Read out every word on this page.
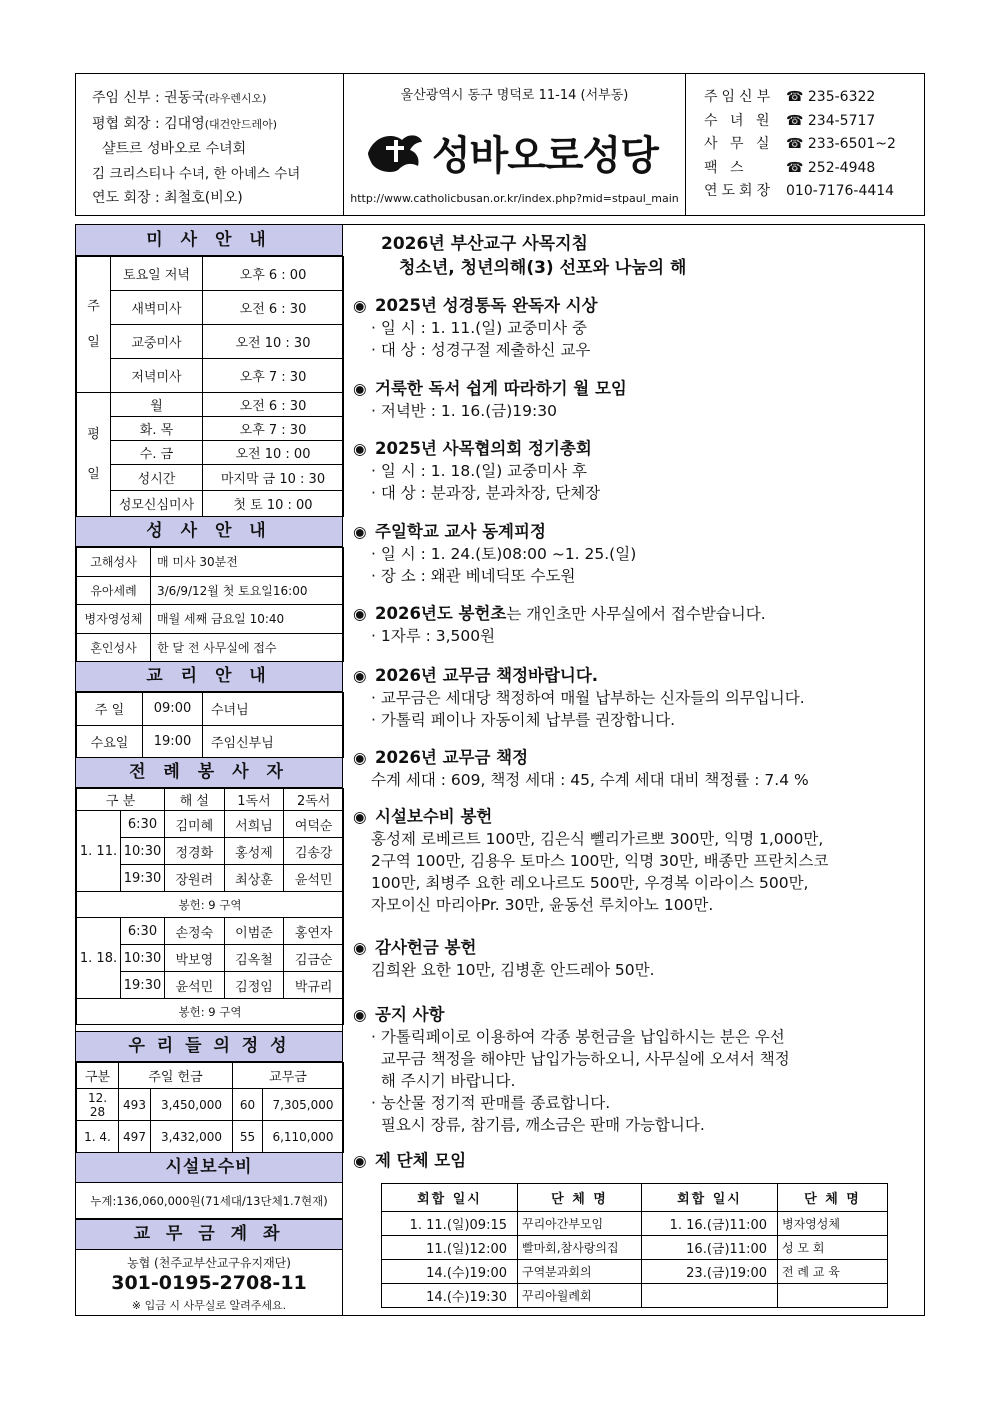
주임 신부 : 권동국(라우렌시오)
평협 회장 : 김대영(대건안드레아)
샬트르 성바오로 수녀회
김 크리스티나 수녀, 한 아녜스 수녀
연도 회장 : 최철호(비오)
울산광역시 동구 명덕로 11-14 (서부동)
성바오로성당
http://www.catholicbusan.or.kr/index.php?mid=stpaul_main
주임신부 ☎ 235-6322
수 녀 원 ☎ 234-5717
사 무 실 ☎ 233-6501~2
팩 스	☎ 252-4948
연도회장 010-7176-4414
미 사 안 내
주
일	토요일 저녁	오후 6 : 00
	새벽미사	오전 6 : 30
	교중미사	오전 10 : 30
	저녁미사	오후 7 : 30

평
일	월	오전 6 : 30
	화. 목	오후 7 : 30
	수. 금	오전 10 : 00
	성시간	마지막 금 10 : 30
	성모신심미사	첫 토 10 : 00
성 사 안 내
고해성사	매 미사 30분전
유아세례	3/6/9/12월 첫 토요일16:00
병자영성체	매월 세째 금요일 10:40
혼인성사	한 달 전 사무실에 접수
교 리 안 내
주 일	09:00	수녀님
수요일	19:00	주임신부님
전 례 봉 사 자
구 분		해 설	1독서	2독서
1. 11.	6:30	김미혜	서희님	여덕순
	10:30	정경화	홍성제	김송강
	19:30	장원려	최상훈	윤석민
봉헌: 9 구역				
1. 18.	6:30	손정숙	이범준	홍연자
	10:30	박보영	김옥철	김금순
	19:30	윤석민	김정임	박규리
봉헌: 9 구역				
우 리 들 의 정 성
구분	주일 헌금		교무금	
12. 28	493	3,450,000	60	7,305,000
1. 4.	497	3,432,000	55	6,110,000
시설보수비
누계:136,060,000원(71세대/13단체1.7현재)
교 무 금 계 좌
농협 (천주교부산교구유지재단)
301-0195-2708-11
※ 입금 시 사무실로 알려주세요.
2026년 부산교구 사목지침
청소년, 청년의해(3) 선포와 나눔의 해
◉ 2025년 성경통독 완독자 시상
· 일 시 : 1. 11.(일) 교중미사 중
· 대 상 : 성경구절 제출하신 교우
◉ 거룩한 독서 쉽게 따라하기 월 모임
· 저녁반 : 1. 16.(금)19:30
◉ 2025년 사목협의회 정기총회
· 일 시 : 1. 18.(일) 교중미사 후
· 대 상 : 분과장, 분과차장, 단체장
◉ 주일학교 교사 동계피정
· 일 시 : 1. 24.(토)08:00 ~1. 25.(일)
· 장 소 : 왜관 베네딕또 수도원
◉ 2026년도 봉헌초는 개인초만 사무실에서 접수받습니다.
· 1자루 : 3,500원
◉ 2026년 교무금 책정바랍니다.
· 교무금은 세대당 책정하여 매월 납부하는 신자들의 의무입니다.
· 가톨릭 페이나 자동이체 납부를 권장합니다.
◉ 2026년 교무금 책정
수계 세대 : 609, 책정 세대 : 45, 수계 세대 대비 책정률 : 7.4 %
◉ 시설보수비 봉헌
홍성제 로베르트 100만, 김은식 뻴리가르뽀 300만, 익명 1,000만,
2구역 100만, 김용우 토마스 100만, 익명 30만, 배종만 프란치스코
100만, 최병주 요한 레오나르도 500만, 우경복 이라이스 500만,
자모이신 마리아Pr. 30만, 윤동선 루치아노 100만.
◉ 감사헌금 봉헌
김희완 요한 10만, 김병훈 안드레아 50만.
◉ 공지 사항
· 가톨릭페이로 이용하여 각종 봉헌금을 납입하시는 분은 우선
교무금 책정을 해야만 납입가능하오니, 사무실에 오셔서 책정
해 주시기 바랍니다.
· 농산물 정기적 판매를 종료합니다.
필요시 장류, 참기름, 깨소금은 판매 가능합니다.
◉ 제 단체 모임
회합 일시	단 체 명	회합 일시	단 체 명
1. 11.(일)09:15	꾸리아간부모임	1. 16.(금)11:00	병자영성체
11.(일)12:00	빨마회,참사랑의집	16.(금)11:00	성 모 회
14.(수)19:00	구역분과회의	23.(금)19:00	전 례 교 육
14.(수)19:30	꾸리아월례회		
